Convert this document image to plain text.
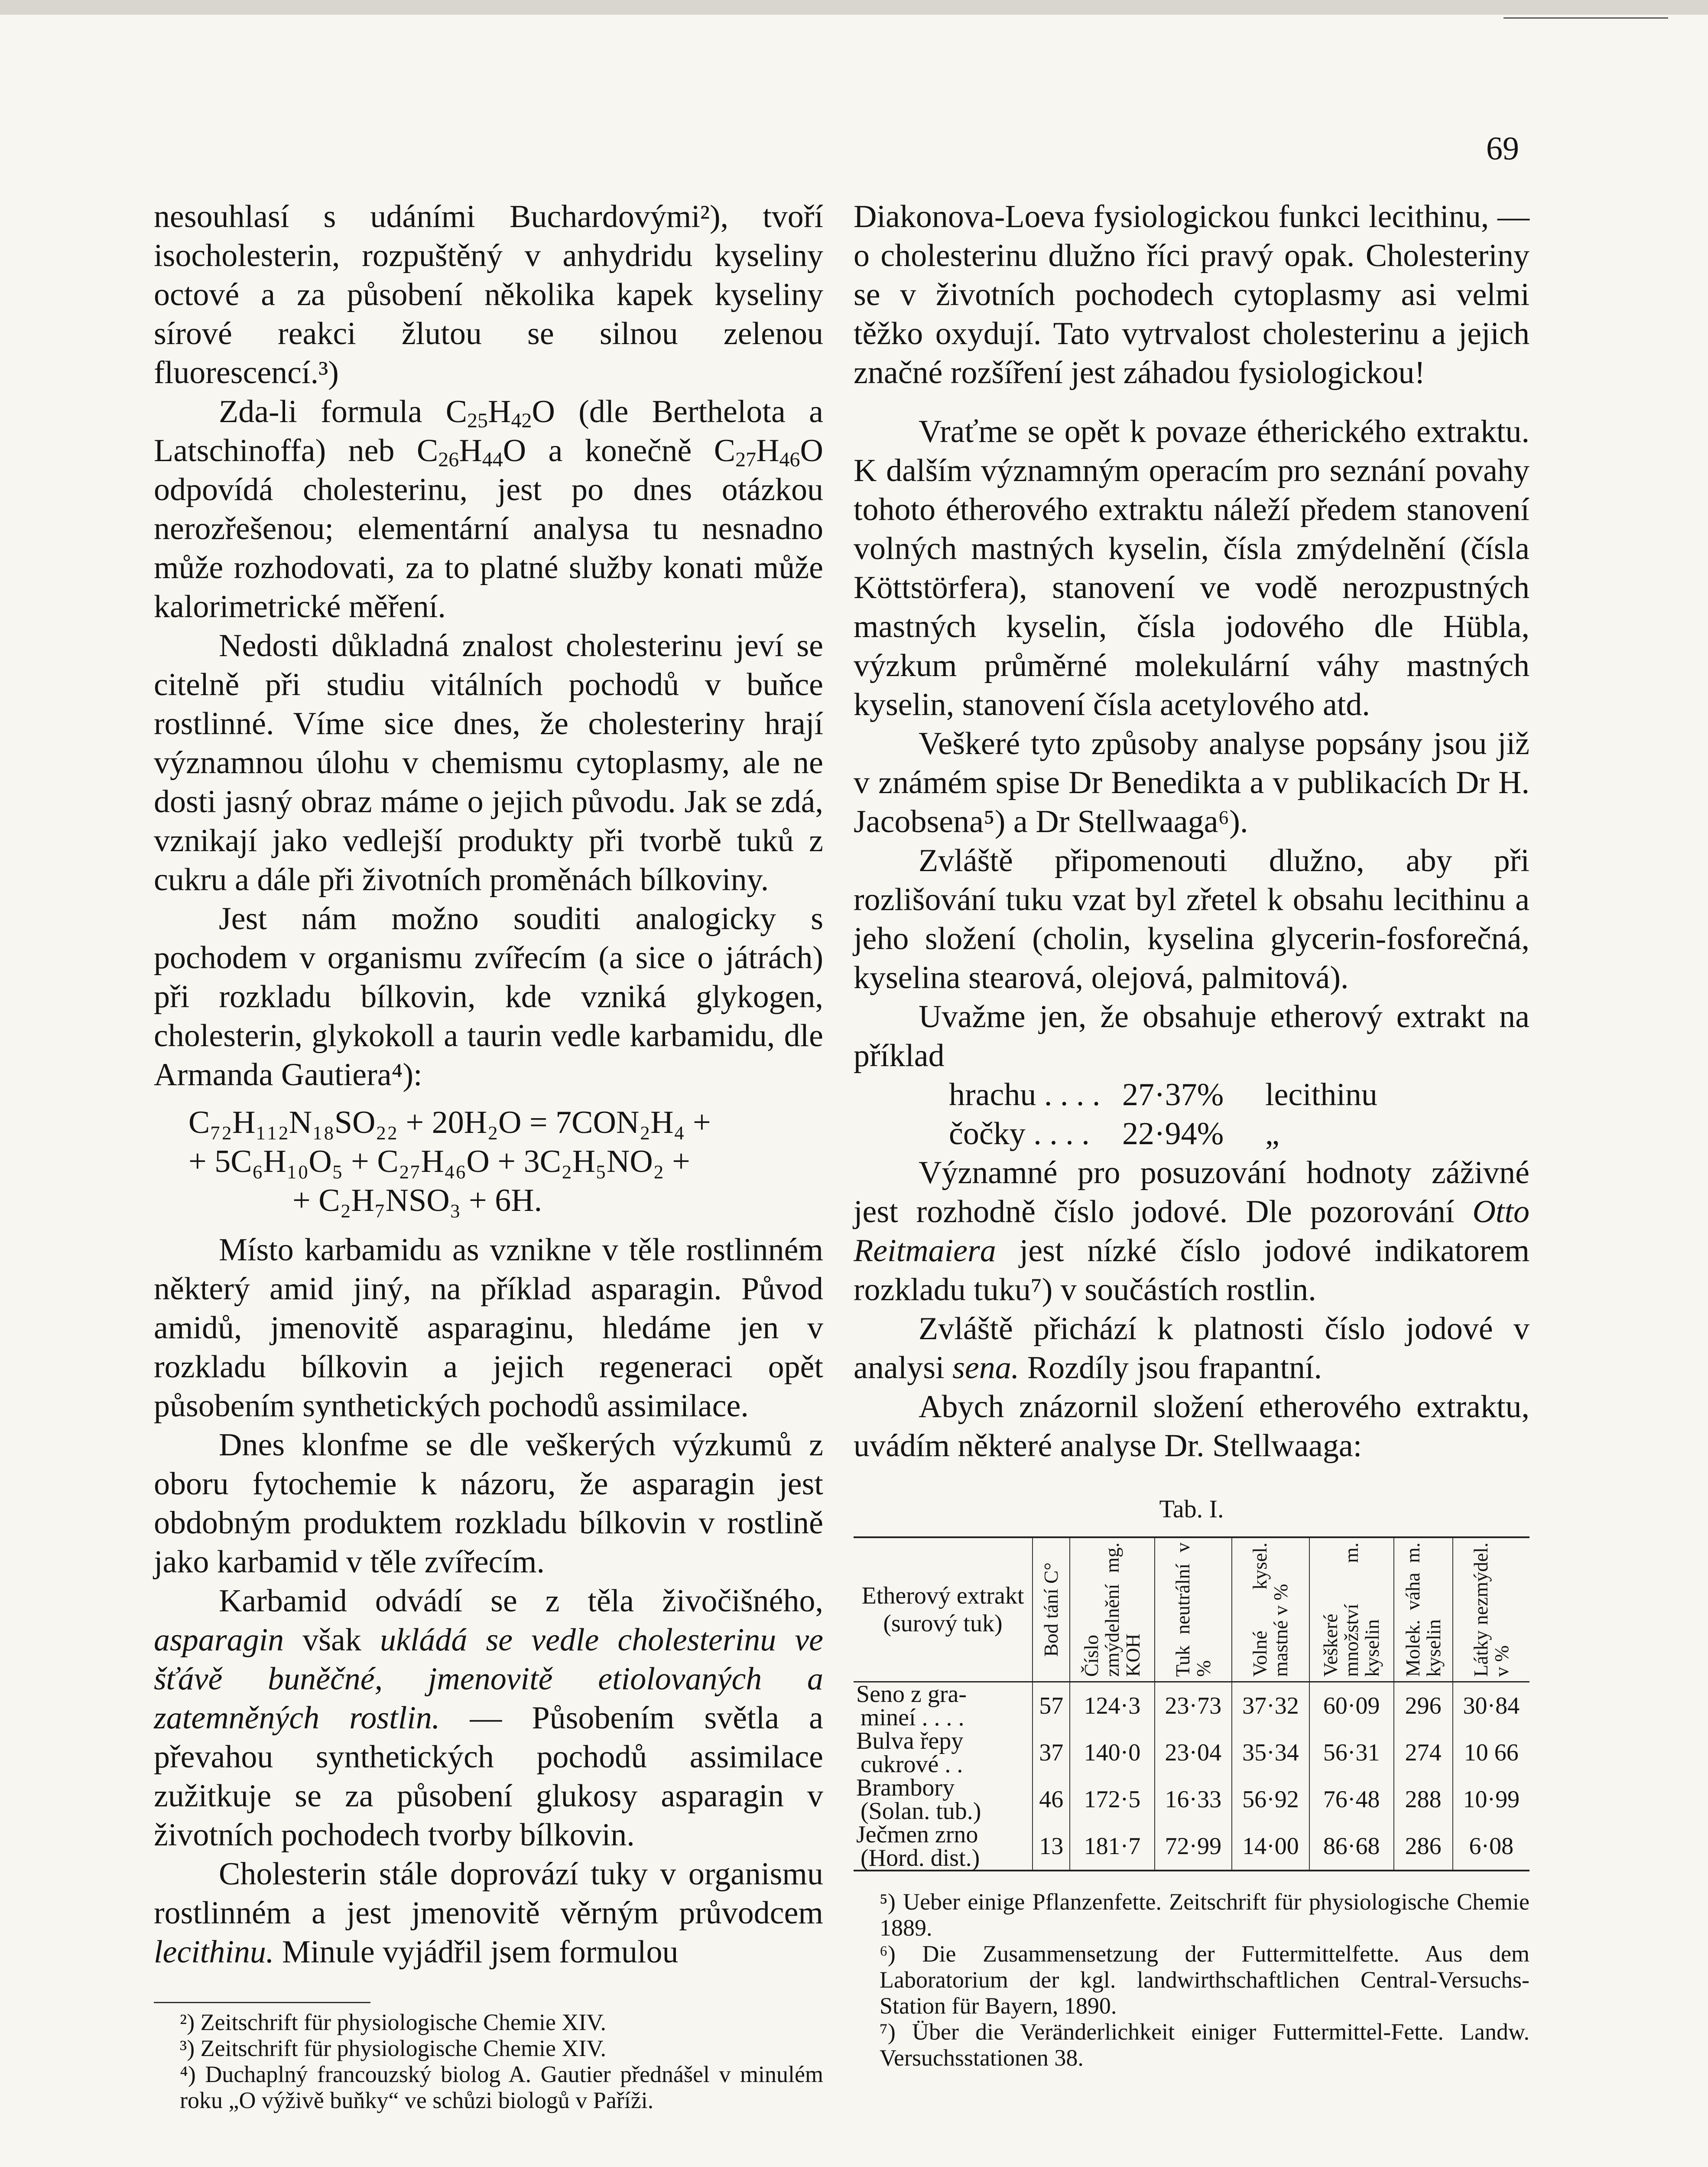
69

nesouhlasí s udáními Buchardovými²), tvoří isocholesterin, rozpuštěný v anhydridu kyseliny octové a za působení několika kapek kyseliny sírové reakci žlutou se silnou zelenou fluorescencí.³)

Zda-li formula $C_{25}H_{42}O$ (dle Berthelota a Latschinoffa) neb $C_{26}H_{44}O$ a konečně $C_{27}H_{46}O$ odpovídá cholesterinu, jest po dnes otázkou nerozřešenou; elementární analysa tu nesnadno může rozhodovati, za to platné služby konati může kalorimetrické měření.

Nedosti důkladná znalost cholesterinu jeví se citelně při studiu vitálních pochodů v buňce rostlinné. Víme sice dnes, že cholesteriny hrají významnou úlohu v chemismu cytoplasmy, ale ne dosti jasný obraz máme o jejich původu. Jak se zdá, vznikají jako vedlejší produkty při tvorbě tuků z cukru a dále při životních proměnách bílkoviny.

Jest nám možno souditi analogicky s pochodem v organismu zvířecím (a sice o játrách) při rozkladu bílkovin, kde vzniká glykogen, cholesterin, glykokoll a taurin vedle karbamidu, dle Armanda Gautiera⁴):

C₇₂H₁₁₂N₁₈SO₂₂ + 20H₂O = 7CON₂H₄ +
+ 5C₆H₁₀O₅ + C₂₇H₄₆O + 3C₂H₅NO₂ +
+ C₂H₇NSO₃ + 6H.

Místo karbamidu as vznikne v těle rostlinném některý amid jiný, na příklad asparagin. Původ amidů, jmenovitě asparaginu, hledáme jen v rozkladu bílkovin a jejich regeneraci opět působením synthetických pochodů assimilace.

Dnes klonfme se dle veškerých výzkumů z oboru fytochemie k názoru, že asparagin jest obdobným produktem rozkladu bílkovin v rostlině jako karbamid v těle zvířecím.

Karbamid odvádí se z těla živočišného, asparagin však ukládá se vedle cholesterinu ve šťávě buněčné, jmenovitě etiolovaných a zatemněných rostlin. — Působením světla a převahou synthetických pochodů assimilace zužitkuje se za působení glukosy asparagin v životních pochodech tvorby bílkovin.

Cholesterin stále doprovází tuky v organismu rostlinném a jest jmenovitě věrným průvodcem lecithinu. Minule vyjádřil jsem formulou

²) Zeitschrift für physiologische Chemie XIV.
³) Zeitschrift für physiologische Chemie XIV.
⁴) Duchaplný francouzský biolog A. Gautier přednášel v minulém roku „O výživě buňky“ ve schůzi biologů v Paříži.

Diakonova-Loeva fysiologickou funkci lecithinu, — o cholesterinu dlužno říci pravý opak. Cholesteriny se v životních pochodech cytoplasmy asi velmi těžko oxydují. Tato vytrvalost cholesterinu a jejich značné rozšíření jest záhadou fysiologickou!

Vraťme se opět k povaze étherického extraktu. K dalším významným operacím pro seznání povahy tohoto étherového extraktu náleží předem stanovení volných mastných kyselin, čísla zmýdelnění (čísla Köttstörfera), stanovení ve vodě nerozpustných mastných kyselin, čísla jodového dle Hübla, výzkum průměrné molekulární váhy mastných kyselin, stanovení čísla acetylového atd.

Veškeré tyto způsoby analyse popsány jsou již v známém spise Dr Benedikta a v publikacích Dr H. Jacobsena⁵) a Dr Stellwaaga⁶).

Zvláště připomenouti dlužno, aby při rozlišování tuku vzat byl zřetel k obsahu lecithinu a jeho složení (cholin, kyselina glycerin-fosforečná, kyselina stearová, olejová, palmitová).

Uvažme jen, že obsahuje etherový extrakt na příklad

hrachu . . . . 27·37%	lecithinu
čočky . . . .	22·94%	„

Významné pro posuzování hodnoty záživné jest rozhodně číslo jodové. Dle pozorování Otto Reitmaiera jest nízké číslo jodové indikatorem rozkladu tuku⁷) v součástích rostlin.

Zvláště přichází k platnosti číslo jodové v analysi sena. Rozdíly jsou frapantní.

Abych znázornil složení etherového extraktu, uvádím některé analyse Dr. Stellwaaga:

Tab. I.
Etherový extrakt (surový tuk)	Bod tání C°	Číslo zmýdelnění mg. KOH	Tuk neutrální v %	Volné kysel. mastné v %	Veškeré množství m. kyselin	Molek. váha m. kyselin	Látky nezmýdel. v %

Seno z gra-
mineí . . . .	57	124·3	23·73	37·32	60·09	296	30·84

Bulva řepy
cukrové . .	37	140·0	23·04	35·34	56·31	274	10 66

Brambory
(Solan. tub.)	46	172·5	16·33	56·92	76·48	288	10·99

Ječmen zrno
(Hord. dist.)	13	181·7	72·99	14·00	86·68	286	6·08
⁵) Ueber einige Pflanzenfette. Zeitschrift für physiologische Chemie 1889.
⁶) Die Zusammensetzung der Futtermittelfette. Aus dem Laboratorium der kgl. landwirthschaftlichen Central-Versuchs-Station für Bayern, 1890.
⁷) Über die Veränderlichkeit einiger Futtermittel-Fette. Landw. Versuchsstationen 38.
